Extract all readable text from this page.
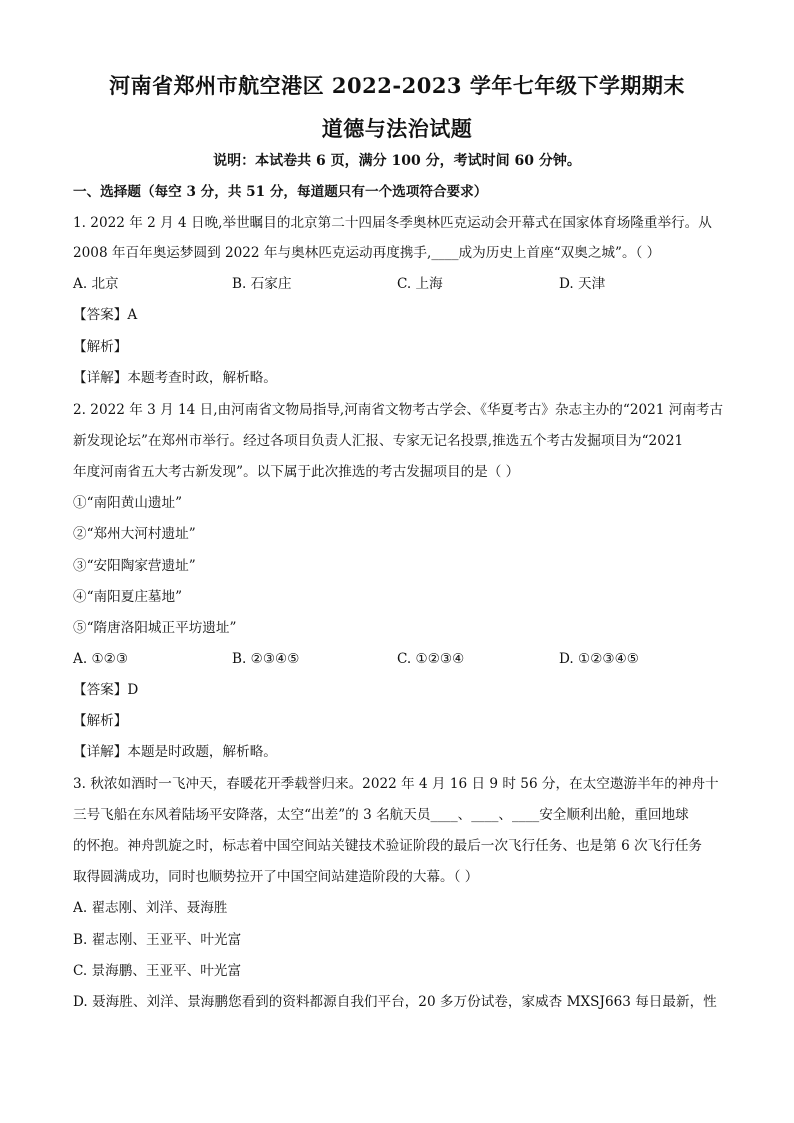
河南省郑州市航空港区 2022-2023 学年七年级下学期期末
道德与法治试题
说明：本试卷共 6 页，满分 100 分，考试时间 60 分钟。
一、选择题（每空 3 分，共 51 分，每道题只有一个选项符合要求）
1. 2022 年 2 月 4 日晚,举世瞩目的北京第二十四届冬季奥林匹克运动会开幕式在国家体育场隆重举行。从
2008 年百年奥运梦圆到 2022 年与奥林匹克运动再度携手,____成为历史上首座“双奥之城”。（ ）
A. 北京	B. 石家庄	C. 上海	D. 天津
【答案】A
【解析】
【详解】本题考查时政，解析略。
2. 2022 年 3 月 14 日,由河南省文物局指导,河南省文物考古学会、《华夏考古》杂志主办的“2021 河南考古
新发现论坛”在郑州市举行。经过各项目负责人汇报、专家无记名投票,推选五个考古发掘项目为“2021
年度河南省五大考古新发现”。以下属于此次推选的考古发掘项目的是（ ）
①“南阳黄山遗址”
②“郑州大河村遗址”
③“安阳陶家营遗址”
④“南阳夏庄墓地”
⑤“隋唐洛阳城正平坊遗址”
A. ①②③	B. ②③④⑤	C. ①②③④	D. ①②③④⑤
【答案】D
【解析】
【详解】本题是时政题，解析略。
3. 秋浓如酒时一飞冲天，春暖花开季载誉归来。2022 年 4 月 16 日 9 时 56 分，在太空遨游半年的神舟十
三号飞船在东风着陆场平安降落，太空“出差”的 3 名航天员____、____、____安全顺利出舱，重回地球
的怀抱。神舟凯旋之时，标志着中国空间站关键技术验证阶段的最后一次飞行任务、也是第 6 次飞行任务
取得圆满成功，同时也顺势拉开了中国空间站建造阶段的大幕。（ ）
A. 翟志刚、刘洋、聂海胜
B. 翟志刚、王亚平、叶光富
C. 景海鹏、王亚平、叶光富
D. 聂海胜、刘洋、景海鹏您看到的资料都源自我们平台，20 多万份试卷，家威杏 MXSJ663 每日最新，性
